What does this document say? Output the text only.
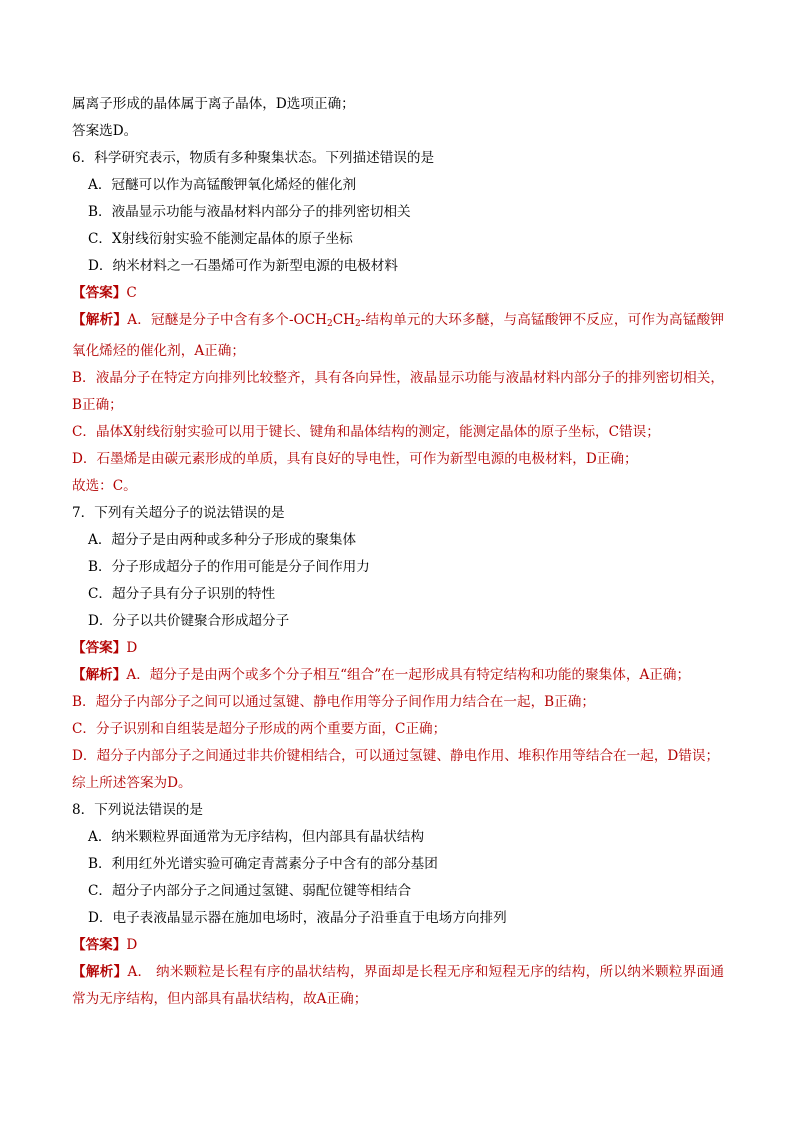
属离子形成的晶体属于离子晶体，D选项正确；
答案选D。
6．科学研究表示，物质有多种聚集状态。下列描述错误的是
A．冠醚可以作为高锰酸钾氧化烯烃的催化剂
B．液晶显示功能与液晶材料内部分子的排列密切相关
C．X射线衍射实验不能测定晶体的原子坐标
D．纳米材料之一石墨烯可作为新型电源的电极材料
【答案】C
【解析】A．冠醚是分子中含有多个$-OCH_2CH_2-$结构单元的大环多醚，与高锰酸钾不反应，可作为高锰酸钾氧化烯烃的催化剂，A正确；
B．液晶分子在特定方向排列比较整齐，具有各向异性，液晶显示功能与液晶材料内部分子的排列密切相关，B正确；
C．晶体X射线衍射实验可以用于键长、键角和晶体结构的测定，能测定晶体的原子坐标，C错误；
D．石墨烯是由碳元素形成的单质，具有良好的导电性，可作为新型电源的电极材料，D正确；
故选：C。
7．下列有关超分子的说法错误的是
A．超分子是由两种或多种分子形成的聚集体
B．分子形成超分子的作用可能是分子间作用力
C．超分子具有分子识别的特性
D．分子以共价键聚合形成超分子
【答案】D
【解析】A．超分子是由两个或多个分子相互“组合”在一起形成具有特定结构和功能的聚集体，A正确；
B．超分子内部分子之间可以通过氢键、静电作用等分子间作用力结合在一起，B正确；
C．分子识别和自组装是超分子形成的两个重要方面，C正确；
D．超分子内部分子之间通过非共价键相结合，可以通过氢键、静电作用、堆积作用等结合在一起，D错误；
综上所述答案为D。
8．下列说法错误的是
A．纳米颗粒界面通常为无序结构，但内部具有晶状结构
B．利用红外光谱实验可确定青蒿素分子中含有的部分基团
C．超分子内部分子之间通过氢键、弱配位键等相结合
D．电子表液晶显示器在施加电场时，液晶分子沿垂直于电场方向排列
【答案】D
【解析】A． 纳米颗粒是长程有序的晶状结构，界面却是长程无序和短程无序的结构，所以纳米颗粒界面通常为无序结构，但内部具有晶状结构，故A正确；
